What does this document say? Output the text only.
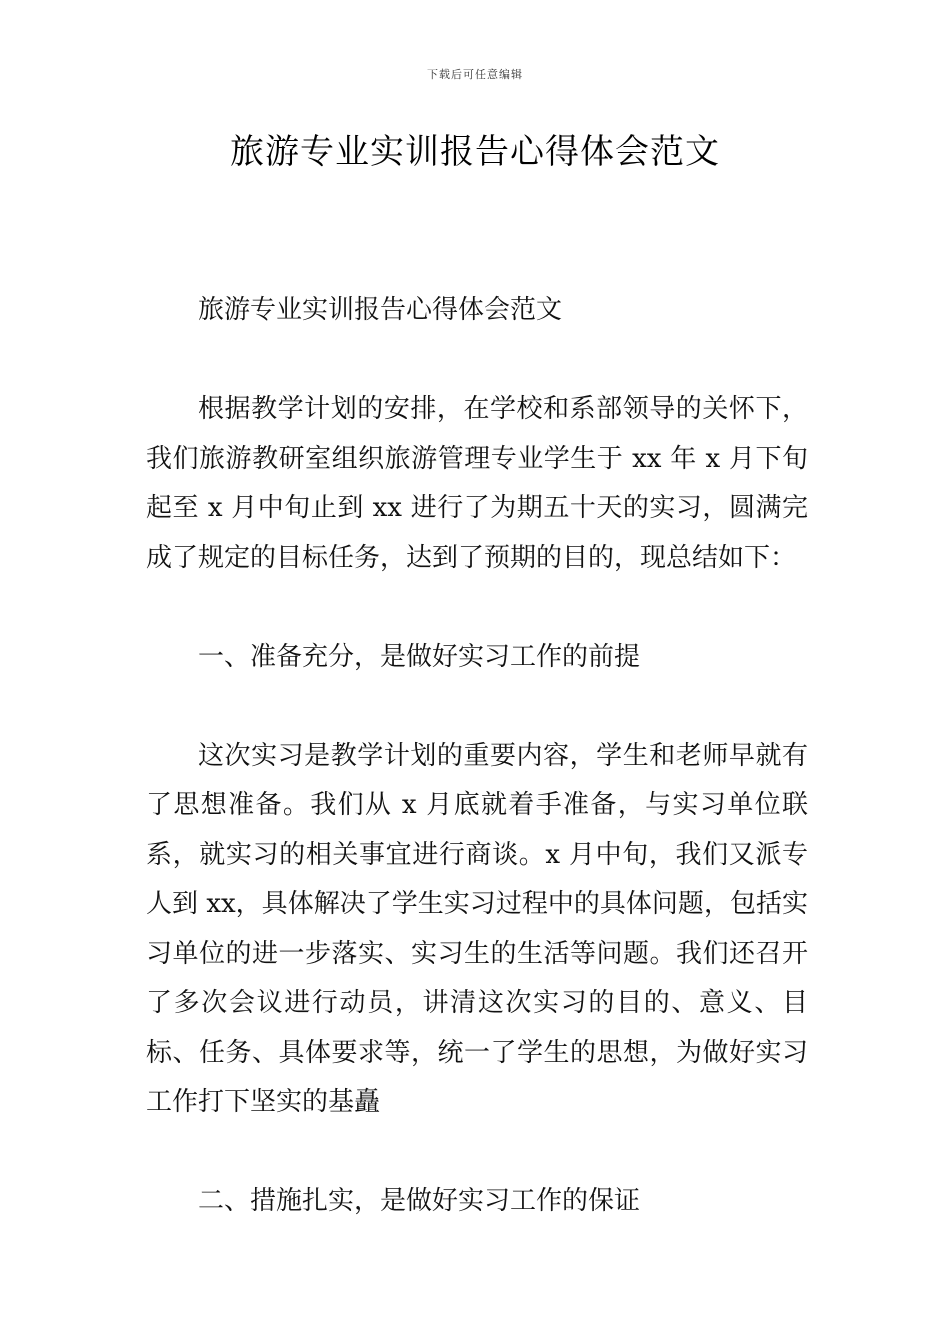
下载后可任意编辑
旅游专业实训报告心得体会范文

旅游专业实训报告心得体会范文

根据教学计划的安排，在学校和系部领导的关怀下，我们旅游教研室组织旅游管理专业学生于 xx 年 x 月下旬起至 x 月中旬止到 xx 进行了为期五十天的实习，圆满完成了规定的目标任务，达到了预期的目的，现总结如下：

一、准备充分，是做好实习工作的前提

这次实习是教学计划的重要内容，学生和老师早就有了思想准备。我们从 x 月底就着手准备，与实习单位联系，就实习的相关事宜进行商谈。x 月中旬，我们又派专人到 xx，具体解决了学生实习过程中的具体问题，包括实习单位的进一步落实、实习生的生活等问题。我们还召开了多次会议进行动员，讲清这次实习的目的、意义、目标、任务、具体要求等，统一了学生的思想，为做好实习工作打下坚实的基矗

二、措施扎实，是做好实习工作的保证
